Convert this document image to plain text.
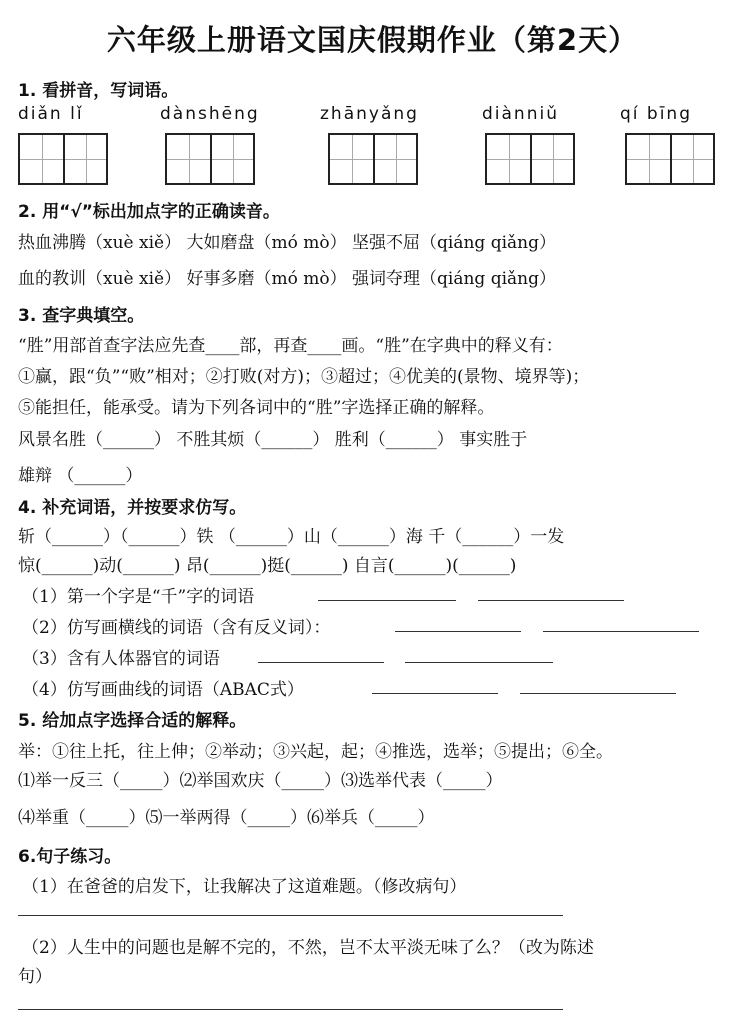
六年级上册语文国庆假期作业（第2天）
1. 看拼音，写词语。
diǎn lǐ	dànshēng	zhānyǎng	diànniǔ	qí bīng
2. 用“√”标出加点字的正确读音。
热血沸腾（xuè xiě） 大如磨盘（mó mò） 坚强不屈（qiáng qiǎng）
血的教训（xuè xiě） 好事多磨（mó mò） 强词夺理（qiáng qiǎng）
3. 查字典填空。
“胜”用部首查字法应先查____部，再查____画。“胜”在字典中的释义有：
①赢，跟“负”“败”相对；②打败(对方)；③超过；④优美的(景物、境界等)；
⑤能担任，能承受。请为下列各词中的“胜”字选择正确的解释。
风景名胜（______） 不胜其烦（______） 胜利（______） 事实胜于
雄辩 （______）
4. 补充词语，并按要求仿写。
斩（______）（______）铁 （______）山（______）海 千（______）一发
惊(______)动(______) 昂(______)挺(______) 自言(______)(______)
（1）第一个字是“千”字的词语
（2）仿写画横线的词语（含有反义词）：
（3）含有人体器官的词语
（4）仿写画曲线的词语（ABAC式）
5. 给加点字选择合适的解释。
举：①往上托，往上伸；②举动；③兴起，起；④推选，选举；⑤提出；⑥全。
⑴举一反三（_____）⑵举国欢庆（_____）⑶选举代表（_____）
⑷举重（_____）⑸一举两得（_____）⑹举兵（_____）
6.句子练习。
（1）在爸爸的启发下，让我解决了这道难题。（修改病句）
（2）人生中的问题也是解不完的，不然，岂不太平淡无味了么？（改为陈述
句）
